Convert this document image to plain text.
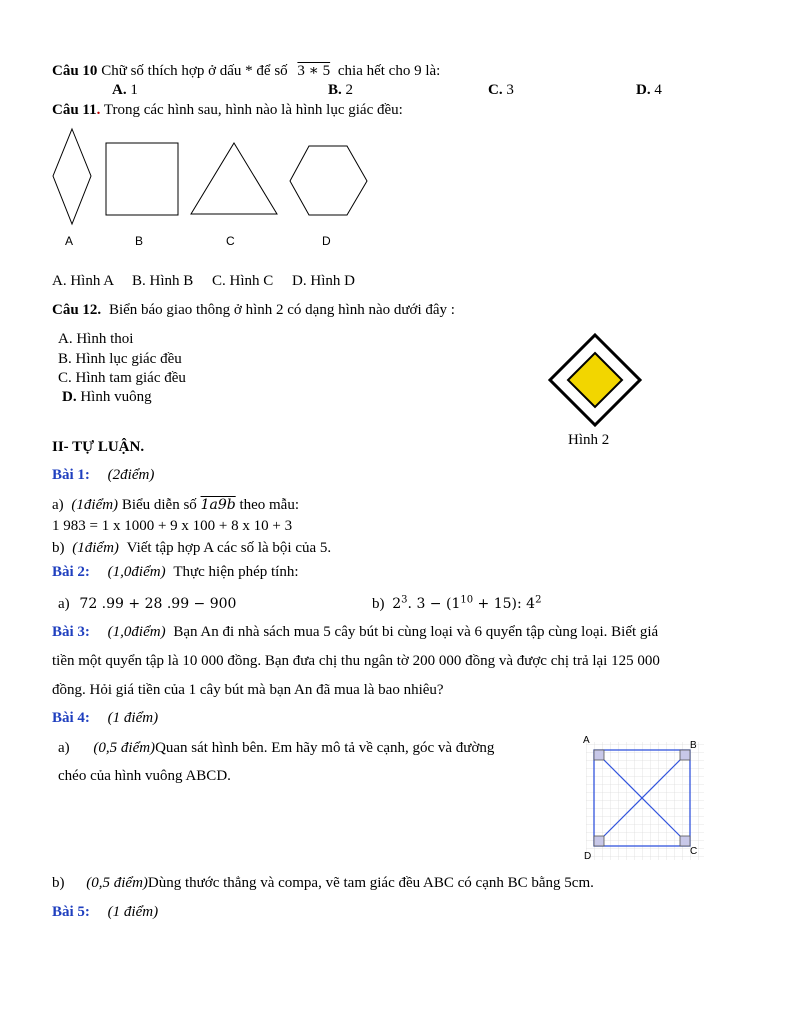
Câu 10 Chữ số thích hợp ở dấu * để số 3 ∗ 5 chia hết cho 9 là:
A. 1	B. 2	C. 3	D. 4
Câu 11. Trong các hình sau, hình nào là hình lục giác đều:
A	B	C	D
A. Hình A     B. Hình B     C. Hình C     D. Hình D
Câu 12. Biển báo giao thông ở hình 2 có dạng hình nào dưới đây :
A. Hình thoi
B. Hình lục giác đều
C. Hình tam giác đều
D. Hình vuông
Hình 2
II- TỰ LUẬN.
Bài 1: (2điểm)
a) (1điểm) Biểu diễn số 1a9b theo mẫu:
1 983 = 1 x 1000 + 9 x 100 + 8 x 10 + 3
b) (1điểm) Viết tập hợp A các số là bội của 5.
Bài 2: (1,0điểm) Thực hiện phép tính:
a) 72 .99 + 28 .99 − 900	b) $2^3$. $3 - (1^{10} + 15)$: $4^2$
Bài 3: (1,0điểm) Bạn An đi nhà sách mua 5 cây bút bi cùng loại và 6 quyển tập cùng loại. Biết giá
tiền một quyển tập là 10 000 đồng. Bạn đưa chị thu ngân tờ 200 000 đồng và được chị trả lại 125 000
đồng. Hỏi giá tiền của 1 cây bút mà bạn An đã mua là bao nhiêu?
Bài 4: (1 điểm)
a) (0,5 điểm)Quan sát hình bên. Em hãy mô tả về cạnh, góc và đường
chéo của hình vuông ABCD.
A	B
C
D
b) (0,5 điểm)Dùng thước thẳng và compa, vẽ tam giác đều ABC có cạnh BC bằng 5cm.
Bài 5: (1 điểm)
